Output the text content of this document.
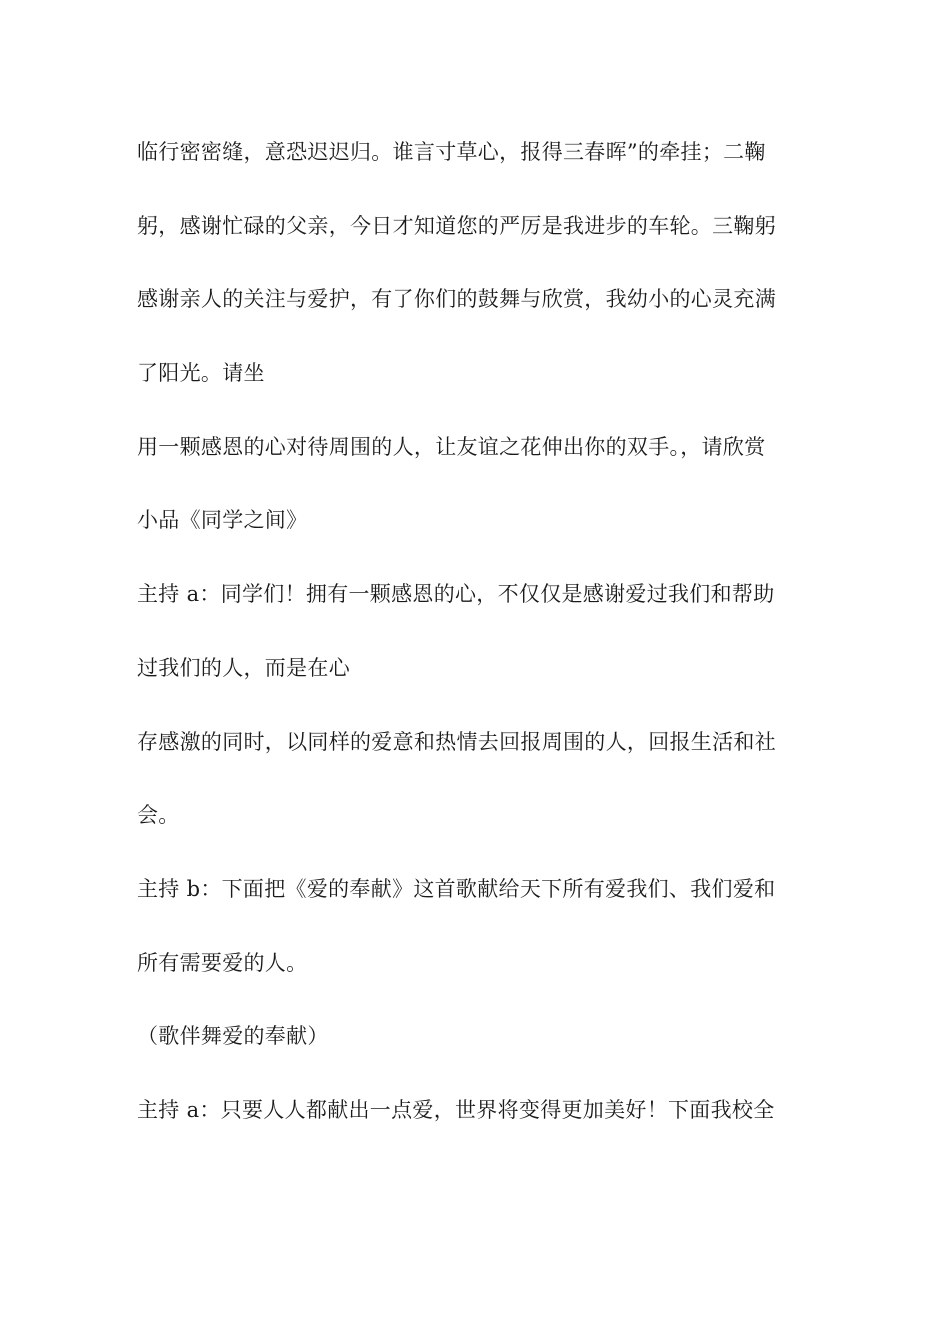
临行密密缝，意恐迟迟归。谁言寸草心，报得三春晖”的牵挂；二鞠
躬，感谢忙碌的父亲，今日才知道您的严厉是我进步的车轮。三鞠躬
感谢亲人的关注与爱护，有了你们的鼓舞与欣赏，我幼小的心灵充满
了阳光。请坐
用一颗感恩的心对待周围的人，让友谊之花伸出你的双手。，请欣赏
小品《同学之间》
主持 a：同学们！拥有一颗感恩的心，不仅仅是感谢爱过我们和帮助
过我们的人，而是在心
存感激的同时，以同样的爱意和热情去回报周围的人，回报生活和社
会。
主持 b：下面把《爱的奉献》这首歌献给天下所有爱我们、我们爱和
所有需要爱的人。
（歌伴舞爱的奉献）
主持 a：只要人人都献出一点爱，世界将变得更加美好！下面我校全
